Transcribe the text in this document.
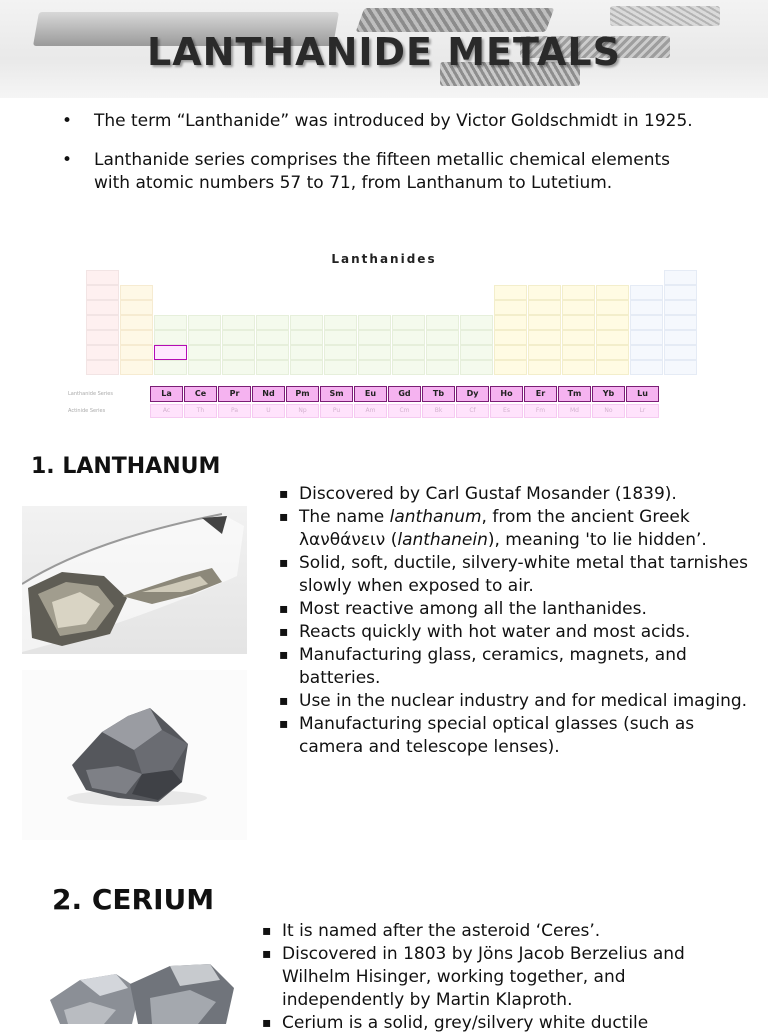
LANTHANIDE METALS
• The term “Lanthanide” was introduced by Victor Goldschmidt in 1925.
• Lanthanide series comprises the fifteen metallic chemical elements with atomic numbers 57 to 71, from Lanthanum to Lutetium.
Lanthanides
Lanthanide Series
Actinide Series
La	Ce	Pr	Nd	Pm	Sm	Eu	Gd	Tb	Dy	Ho	Er	Tm	Yb	Lu
Ac	Th	Pa	U	Np	Pu	Am	Cm	Bk	Cf	Es	Fm	Md	No	Lr
1. LANTHANUM
▪ Discovered by Carl Gustaf Mosander (1839).
▪ The name lanthanum, from the ancient Greek λανθάνειν (lanthanein), meaning 'to lie hidden’.
▪ Solid, soft, ductile, silvery-white metal that tarnishes slowly when exposed to air.
▪ Most reactive among all the lanthanides.
▪ Reacts quickly with hot water and most acids.
▪ Manufacturing glass, ceramics, magnets, and batteries.
▪ Use in the nuclear industry and for medical imaging.
▪ Manufacturing special optical glasses (such as camera and telescope lenses).
2. CERIUM
▪ It is named after the asteroid ‘Ceres’.
▪ Discovered in 1803 by Jöns Jacob Berzelius and Wilhelm Hisinger, working together, and independently by Martin Klaproth.
▪ Cerium is a solid, grey/silvery white ductile
